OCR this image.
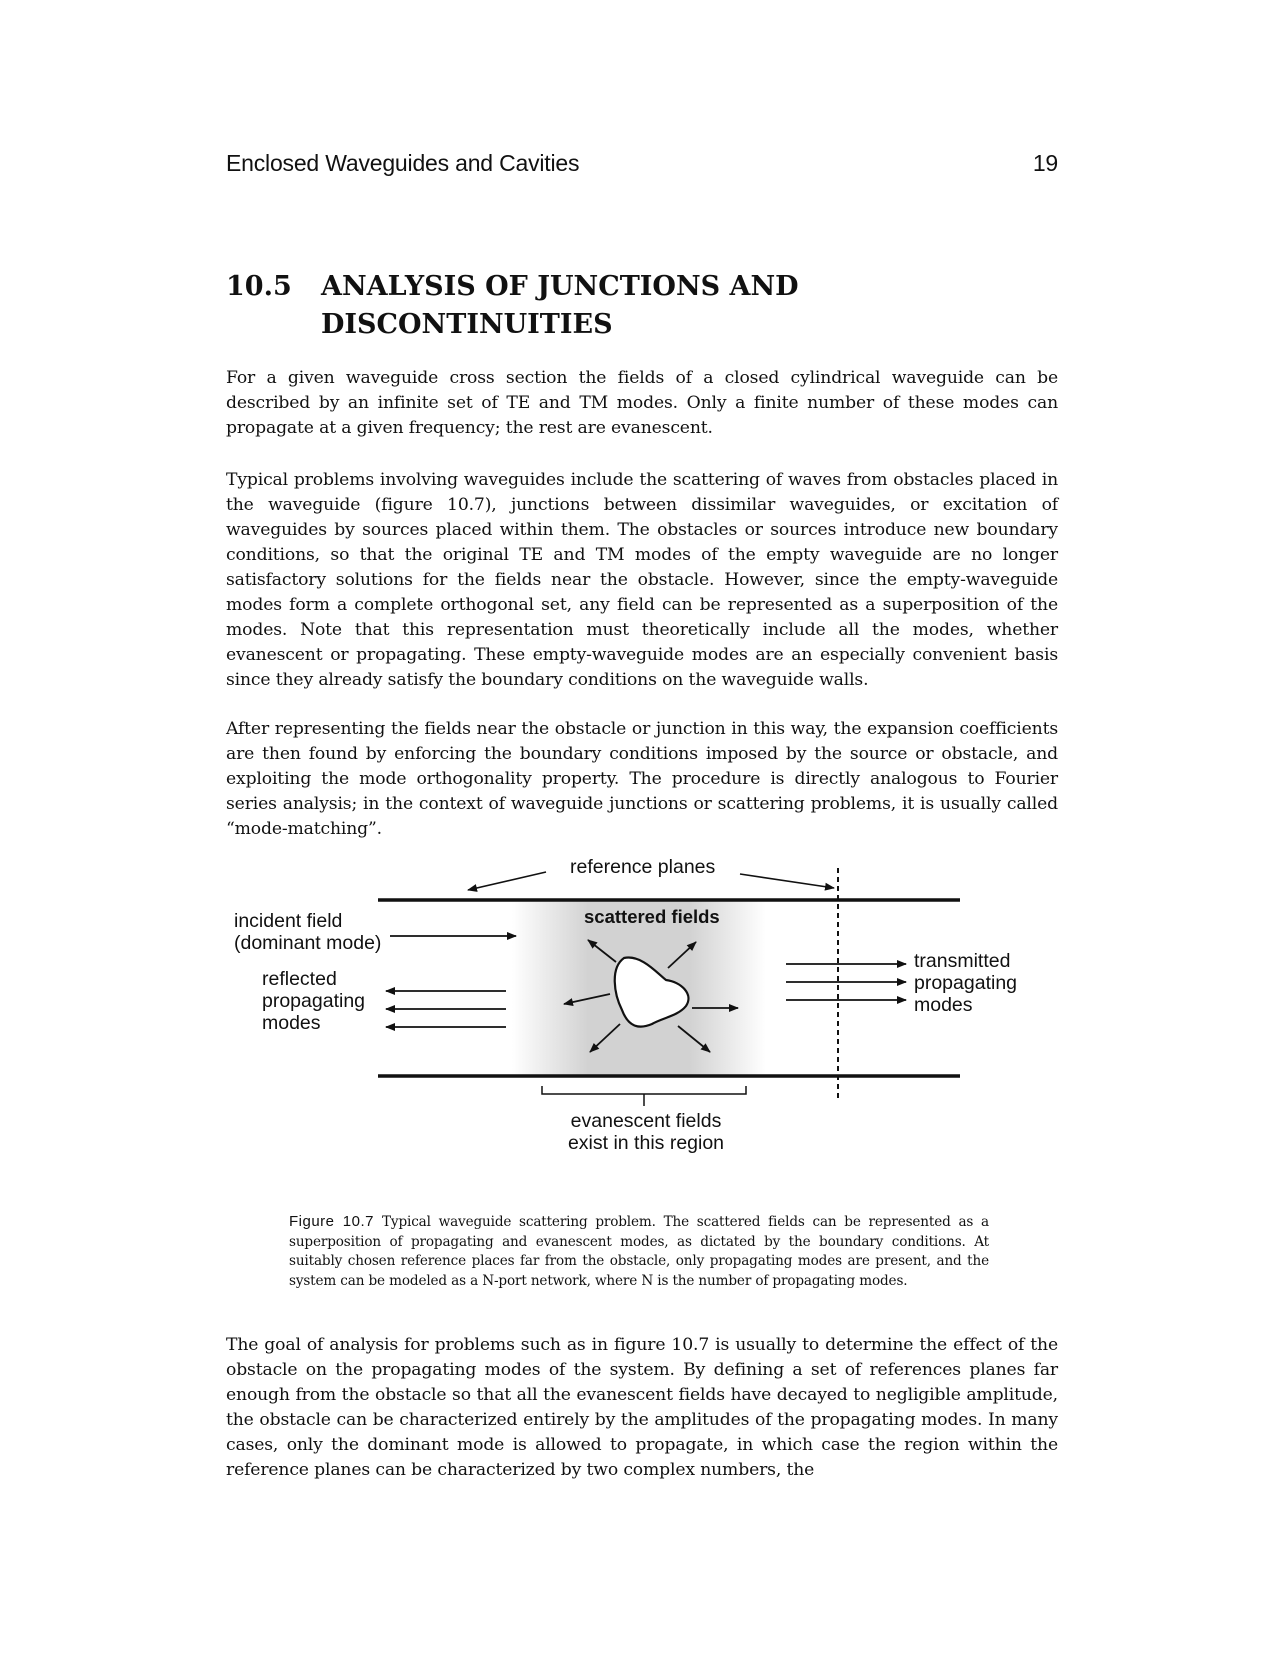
Enclosed Waveguides and Cavities	19
10.5	ANALYSIS OF JUNCTIONS AND
DISCONTINUITIES

For a given waveguide cross section the fields of a closed cylindrical waveguide can be described by an infinite set of TE and TM modes. Only a finite number of these modes can propagate at a given frequency; the rest are evanescent.

Typical problems involving waveguides include the scattering of waves from obstacles placed in the waveguide (figure 10.7), junctions between dissimilar waveguides, or excitation of waveguides by sources placed within them. The obstacles or sources introduce new boundary conditions, so that the original TE and TM modes of the empty waveguide are no longer satisfactory solutions for the fields near the obstacle. However, since the empty-waveguide modes form a complete orthogonal set, any field can be represented as a superposition of the modes. Note that this representation must theoretically include all the modes, whether evanescent or propagating. These empty-waveguide modes are an especially convenient basis since they already satisfy the boundary conditions on the waveguide walls.

After representing the fields near the obstacle or junction in this way, the expansion coefficients are then found by enforcing the boundary conditions imposed by the source or obstacle, and exploiting the mode orthogonality property. The procedure is directly analogous to Fourier series analysis; in the context of waveguide junctions or scattering problems, it is usually called “mode-matching”.

reference planes
incident field
(dominant mode)
scattered fields
reflected
propagating
modes
transmitted
propagating
modes
evanescent fields
exist in this region

Figure 10.7 Typical waveguide scattering problem. The scattered fields can be represented as a superposition of propagating and evanescent modes, as dictated by the boundary conditions. At suitably chosen reference places far from the obstacle, only propagating modes are present, and the system can be modeled as a N-port network, where N is the number of propagating modes.

The goal of analysis for problems such as in figure 10.7 is usually to determine the effect of the obstacle on the propagating modes of the system. By defining a set of references planes far enough from the obstacle so that all the evanescent fields have decayed to negligible amplitude, the obstacle can be characterized entirely by the amplitudes of the propagating modes. In many cases, only the dominant mode is allowed to propagate, in which case the region within the reference planes can be characterized by two complex numbers, the
